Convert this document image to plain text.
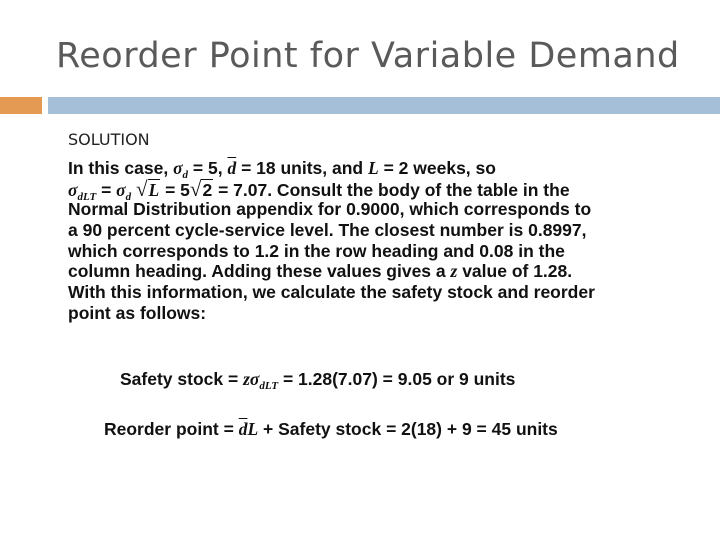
Reorder Point for Variable Demand
SOLUTION
In this case, $\sigma_d = 5$, $\overline{d} = 18$ units, and L = 2 weeks, so
$\sigma_{dLT} = \sigma_d$ √L = 5√2 = 7.07. Consult the body of the table in the
Normal Distribution appendix for 0.9000, which corresponds to
a 90 percent cycle-service level. The closest number is 0.8997,
which corresponds to 1.2 in the row heading and 0.08 in the
column heading. Adding these values gives a z value of 1.28.
With this information, we calculate the safety stock and reorder
point as follows:
Safety stock = $z\sigma_{dLT} = 1.28(7.07) = 9.05$ or 9 units
Reorder point = $\overline{d}L$ + Safety stock = 2(18) + 9 = 45 units
